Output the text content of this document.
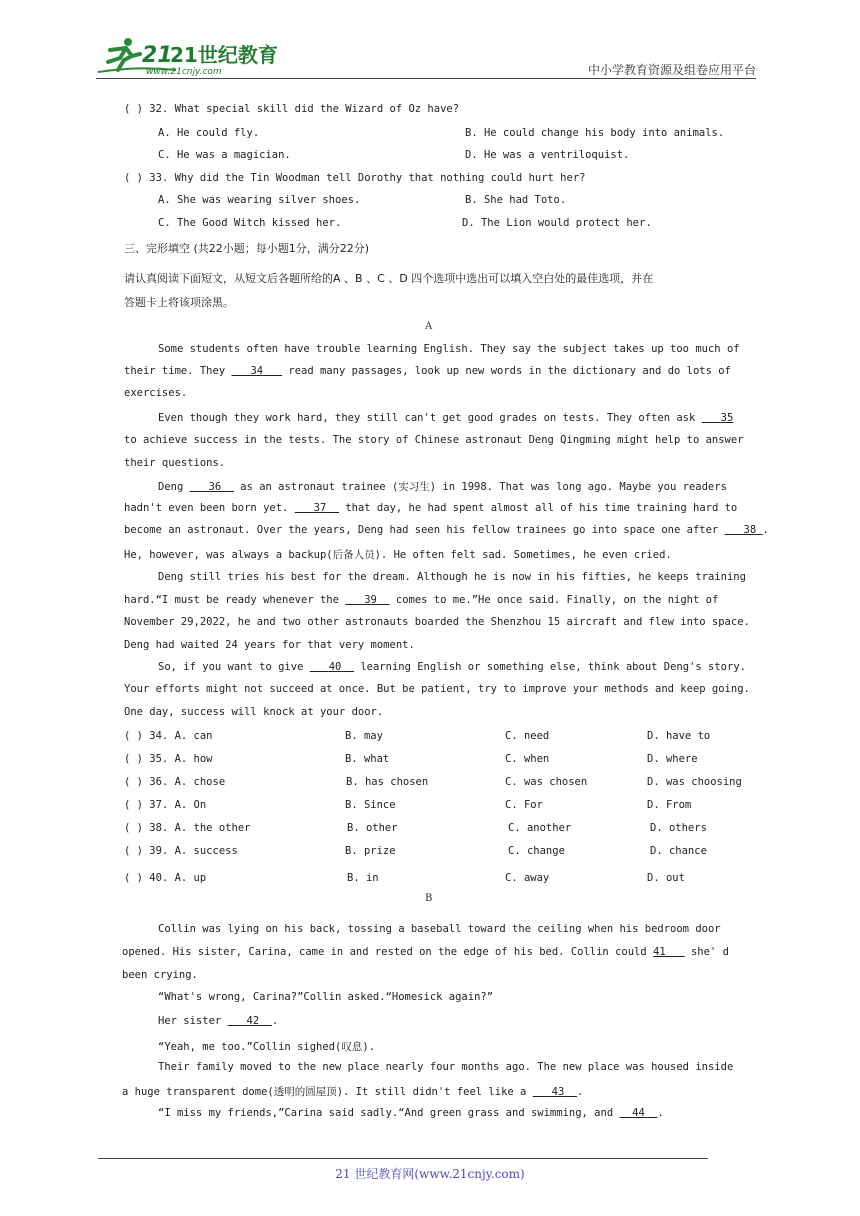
21
21世纪教育
www.21cnjy.com	中小学教育资源及组卷应用平台
( ) 32. What special skill did the Wizard of Oz have?
A. He could fly.	B. He could change his body into animals.
C. He was a magician.	D. He was a ventriloquist.
( ) 33. Why did the Tin Woodman tell Dorothy that nothing could hurt her?
A. She was wearing silver shoes.	B. She had Toto.
C. The Good Witch kissed her.	D. The Lion would protect her.
三、完形填空 (共22小题；每小题1分，满分22分)
请认真阅读下面短文，从短文后各题所给的A 、B 、C 、D 四个选项中选出可以填入空白处的最佳选项，并在
答题卡上将该项涂黑。
A
Some students often have trouble learning English. They say the subject takes up too much of
their time. They 34 read many passages, look up new words in the dictionary and do lots of
exercises.
Even though they work hard, they still can't get good grades on tests. They often ask 35
to achieve success in the tests. The story of Chinese astronaut Deng Qingming might help to answer
their questions.
Deng 36 as an astronaut trainee (实习生) in 1998. That was long ago. Maybe you readers
hadn't even been born yet. 37 that day, he had spent almost all of his time training hard to
become an astronaut. Over the years, Deng had seen his fellow trainees go into space one after 38 .
He, however, was always a backup(后备人员). He often felt sad. Sometimes, he even cried.
Deng still tries his best for the dream. Although he is now in his fifties, he keeps training
hard.“I must be ready whenever the 39 comes to me.”He once said. Finally, on the night of
November 29,2022, he and two other astronauts boarded the Shenzhou 15 aircraft and flew into space.
Deng had waited 24 years for that very moment.
So, if you want to give 40 learning English or something else, think about Deng's story.
Your efforts might not succeed at once. But be patient, try to improve your methods and keep going.
One day, success will knock at your door.
( ) 34. A. can	B. may	C. need	D. have to
( ) 35. A. how	B. what	C. when	D. where
( ) 36. A. chose	B. has chosen	C. was chosen	D. was choosing
( ) 37. A. On	B. Since	C. For	D. From
( ) 38. A. the other	B. other	C. another	D. others
( ) 39. A. success	B. prize	C. change	D. chance
( ) 40. A. up	B. in	C. away	D. out
B
Collin was lying on his back, tossing a baseball toward the ceiling when his bedroom door
opened. His sister, Carina, came in and rested on the edge of his bed. Collin could 41 she' d
been crying.
“What's wrong, Carina?”Collin asked.“Homesick again?”
Her sister 42 .
“Yeah, me too.”Collin sighed(叹息).
Their family moved to the new place nearly four months ago. The new place was housed inside
a huge transparent dome(透明的圆屋顶). It still didn't feel like a 43 .
“I miss my friends,”Carina said sadly.“And green grass and swimming, and 44 .
21 世纪教育网(www.21cnjy.com)
